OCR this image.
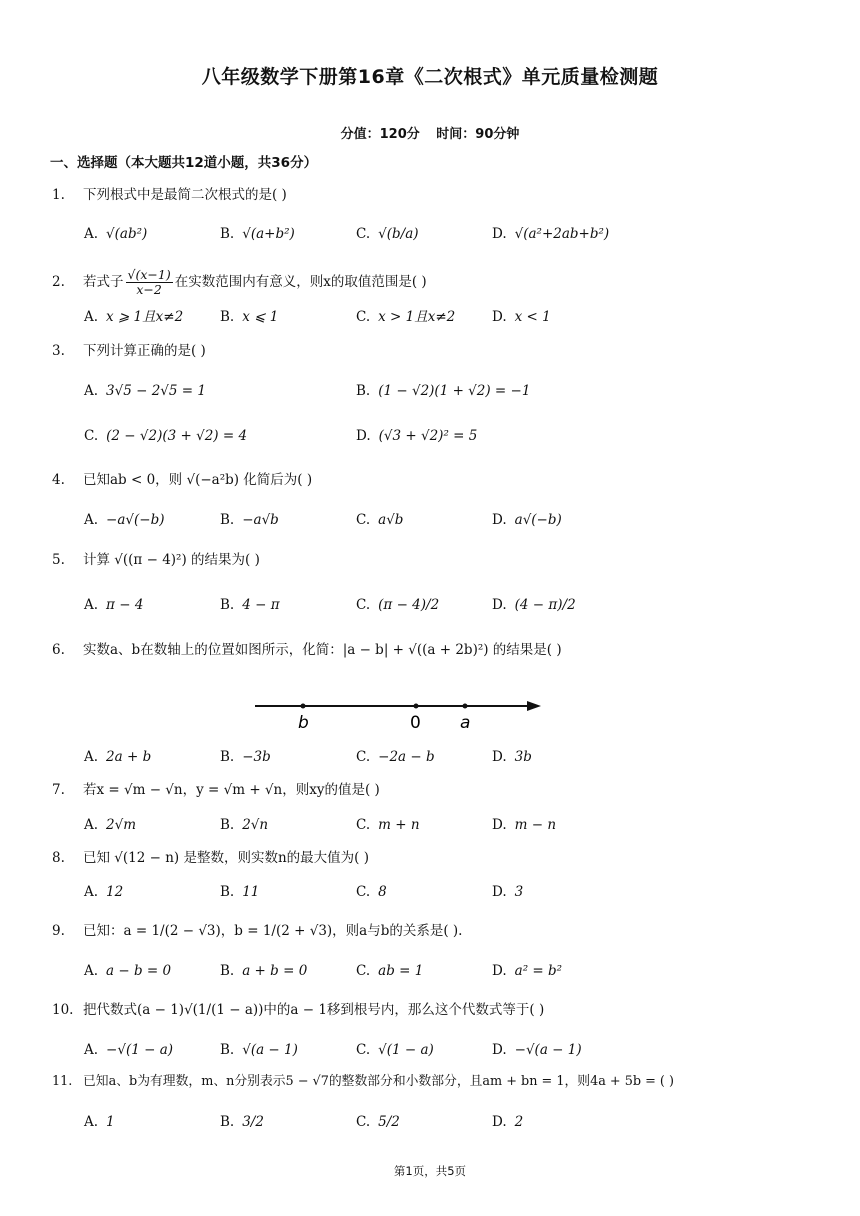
八年级数学下册第16章《二次根式》单元质量检测题
分值：120分 时间：90分钟
一、选择题（本大题共12道小题，共36分）
1. 下列根式中是最简二次根式的是( )
A. √(ab²)	B. √(a+b²)	C. √(b/a)	D. √(a²+2ab+b²)
2. 若式子 $\frac{√(x-1)}{x-2}$ 在实数范围内有意义，则x的取值范围是( )
A. x ⩾ 1且x≠2	B. x ⩽ 1	C. x > 1且x≠2	D. x < 1
3. 下列计算正确的是( )
A. 3√5 − 2√5 = 1	B. (1 − √2)(1 + √2) = −1
C. (2 − √2)(3 + √2) = 4	D. (√3 + √2)² = 5
4. 已知ab < 0，则 √(−a²b) 化简后为( )
A. −a√(−b)	B. −a√b	C. a√b	D. a√(−b)
5. 计算 √((π − 4)²) 的结果为( )
A. π − 4	B. 4 − π	C. (π − 4)/2	D. (4 − π)/2
6. 实数a、b在数轴上的位置如图所示，化简：|a − b| + √((a + 2b)²) 的结果是( )
b	0 a
A. 2a + b	B. −3b	C. −2a − b	D. 3b
7. 若x = √m − √n，y = √m + √n，则xy的值是( )
A. 2√m	B. 2√n	C. m + n	D. m − n
8. 已知 √(12 − n) 是整数，则实数n的最大值为( )
A. 12	B. 11	C. 8	D. 3
9. 已知：a = 1/(2 − √3)，b = 1/(2 + √3)，则a与b的关系是( ).
A. a − b = 0	B. a + b = 0	C. ab = 1	D. a² = b²
10. 把代数式(a − 1)√(1/(1 − a))中的a − 1移到根号内，那么这个代数式等于( )
A. −√(1 − a)	B. √(a − 1)	C. √(1 − a)	D. −√(a − 1)
11. 已知a、b为有理数，m、n分别表示5 − √7的整数部分和小数部分，且am + bn = 1，则4a + 5b = ( )
A. 1	B. 3/2	C. 5/2	D. 2
第1页，共5页
